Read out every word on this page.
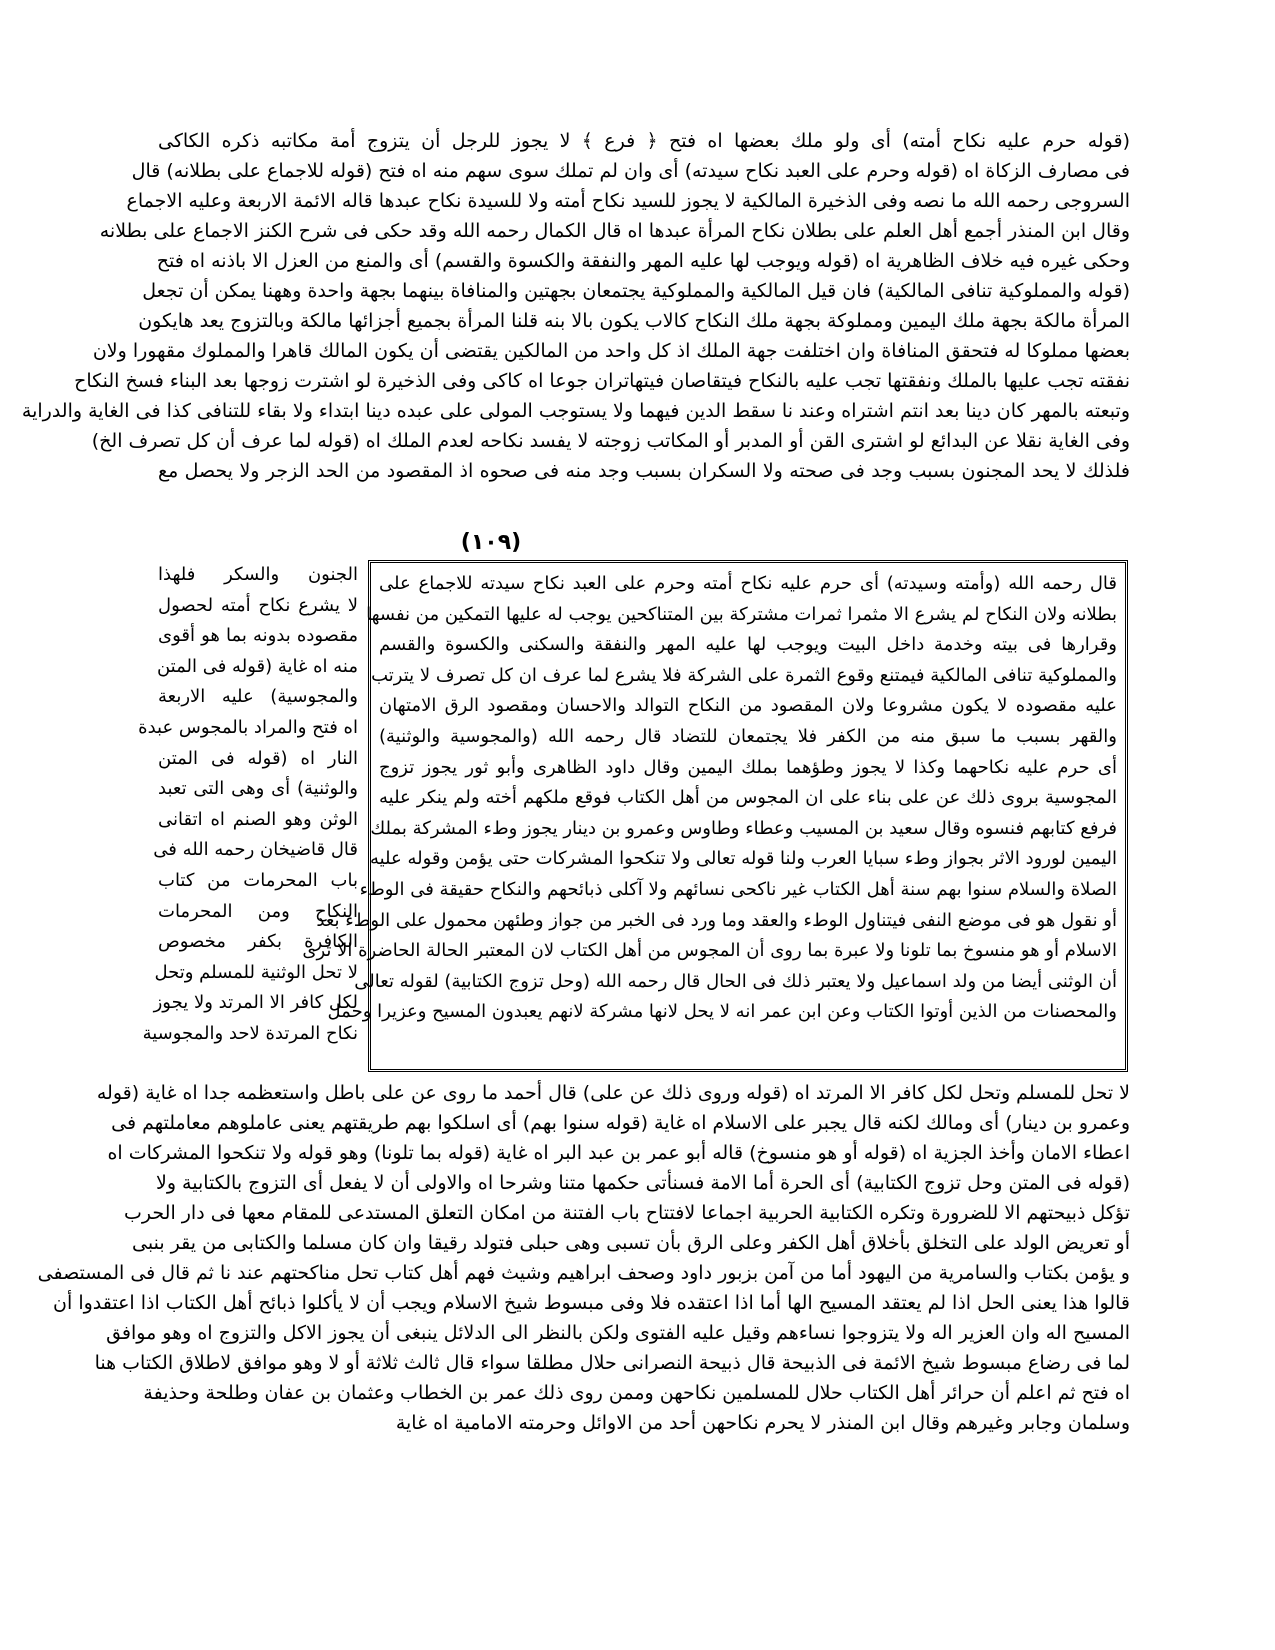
(قوله حرم عليه نكاح أمته) أى ولو ملك بعضها اه فتح ﴿ فرع ﴾ لا يجوز للرجل أن يتزوج أمة مكاتبه ذكره الكاكى
فى مصارف الزكاة اه (قوله وحرم على العبد نكاح سيدته) أى وان لم تملك سوى سهم منه اه فتح (قوله للاجماع على بطلانه) قال
السروجى رحمه الله ما نصه وفى الذخيرة المالكية لا يجوز للسيد نكاح أمته ولا للسيدة نكاح عبدها قاله الائمة الاربعة وعليه الاجماع
وقال ابن المنذر أجمع أهل العلم على بطلان نكاح المرأة عبدها اه قال الكمال رحمه الله وقد حكى فى شرح الكنز الاجماع على بطلانه
وحكى غيره فيه خلاف الظاهرية اه (قوله ويوجب لها عليه المهر والنفقة والكسوة والقسم) أى والمنع من العزل الا باذنه اه فتح
(قوله والمملوكية تنافى المالكية) فان قيل المالكية والمملوكية يجتمعان بجهتين والمنافاة بينهما بجهة واحدة وههنا يمكن أن تجعل
المرأة مالكة بجهة ملك اليمين ومملوكة بجهة ملك النكاح كالاب يكون بالا بنه قلنا المرأة بجميع أجزائها مالكة وبالتزوج يعد هايكون
بعضها مملوكا له فتحقق المنافاة وان اختلفت جهة الملك اذ كل واحد من المالكين يقتضى أن يكون المالك قاهرا والمملوك مقهورا ولان
نفقته تجب عليها بالملك ونفقتها تجب عليه بالنكاح فيتقاصان فيتهاتران جوعا اه كاكى وفى الذخيرة لو اشترت زوجها بعد البناء فسخ النكاح
وتبعته بالمهر كان دينا بعد انتم اشتراه وعند نا سقط الدين فيهما ولا يستوجب المولى على عبده دينا ابتداء ولا بقاء للتنافى كذا فى الغاية والدراية
وفى الغاية نقلا عن البدائع لو اشترى القن أو المدبر أو المكاتب زوجته لا يفسد نكاحه لعدم الملك اه (قوله لما عرف أن كل تصرف الخ)
فلذلك لا يحد المجنون بسبب وجد فى صحته ولا السكران بسبب وجد منه فى صحوه اذ المقصود من الحد الزجر ولا يحصل مع
(١٠٩)
قال رحمه الله (وأمته وسيدته) أى حرم عليه نكاح أمته وحرم على العبد نكاح سيدته للاجماع على
بطلانه ولان النكاح لم يشرع الا مثمرا ثمرات مشتركة بين المتناكحين يوجب له عليها التمكين من نفسها
وقرارها فى بيته وخدمة داخل البيت ويوجب لها عليه المهر والنفقة والسكنى والكسوة والقسم
والمملوكية تنافى المالكية فيمتنع وقوع الثمرة على الشركة فلا يشرع لما عرف ان كل تصرف لا يترتب
عليه مقصوده لا يكون مشروعا ولان المقصود من النكاح التوالد والاحسان ومقصود الرق الامتهان
والقهر بسبب ما سبق منه من الكفر فلا يجتمعان للتضاد قال رحمه الله (والمجوسية والوثنية)
أى حرم عليه نكاحهما وكذا لا يجوز وطؤهما بملك اليمين وقال داود الظاهرى وأبو ثور يجوز تزوج
المجوسية بروى ذلك عن على بناء على ان المجوس من أهل الكتاب فوقع ملكهم أخته ولم ينكر عليه
فرفع كتابهم فنسوه وقال سعيد بن المسيب وعطاء وطاوس وعمرو بن دينار يجوز وطء المشركة بملك
اليمين لورود الاثر بجواز وطء سبايا العرب ولنا قوله تعالى ولا تنكحوا المشركات حتى يؤمن وقوله عليه
الصلاة والسلام سنوا بهم سنة أهل الكتاب غير ناكحى نسائهم ولا آكلى ذبائحهم والنكاح حقيقة فى الوطء
أو نقول هو فى موضع النفى فيتناول الوطء والعقد وما ورد فى الخبر من جواز وطئهن محمول على الوطء بعد
الاسلام أو هو منسوخ بما تلونا ولا عبرة بما روى أن المجوس من أهل الكتاب لان المعتبر الحالة الحاضرة الا ترى
أن الوثنى أيضا من ولد اسماعيل ولا يعتبر ذلك فى الحال قال رحمه الله (وحل تزوج الكتابية) لقوله تعالى
والمحصنات من الذين أوتوا الكتاب وعن ابن عمر انه لا يحل لانها مشركة لانهم يعبدون المسيح وعزيرا وحمل
الجنون والسكر فلهذا
لا يشرع نكاح أمته لحصول
مقصوده بدونه بما هو أقوى
منه اه غاية (قوله فى المتن
والمجوسية) عليه الاربعة
اه فتح والمراد بالمجوس عبدة
النار اه (قوله فى المتن
والوثنية) أى وهى التى تعبد
الوثن وهو الصنم اه اتقانى
قال قاضيخان رحمه الله فى
باب المحرمات من كتاب
النكاح ومن المحرمات
الكافرة بكفر مخصوص
لا تحل الوثنية للمسلم وتحل
لكل كافر الا المرتد ولا يجوز
نكاح المرتدة لاحد والمجوسية
لا تحل للمسلم وتحل لكل كافر الا المرتد اه (قوله وروى ذلك عن على) قال أحمد ما روى عن على باطل واستعظمه جدا اه غاية (قوله
وعمرو بن دينار) أى ومالك لكنه قال يجبر على الاسلام اه غاية (قوله سنوا بهم) أى اسلكوا بهم طريقتهم يعنى عاملوهم معاملتهم فى
اعطاء الامان وأخذ الجزية اه (قوله أو هو منسوخ) قاله أبو عمر بن عبد البر اه غاية (قوله بما تلونا) وهو قوله ولا تنكحوا المشركات اه
(قوله فى المتن وحل تزوج الكتابية) أى الحرة أما الامة فسنأتى حكمها متنا وشرحا اه والاولى أن لا يفعل أى التزوج بالكتابية ولا
تؤكل ذبيحتهم الا للضرورة وتكره الكتابية الحربية اجماعا لافتتاح باب الفتنة من امكان التعلق المستدعى للمقام معها فى دار الحرب
أو تعريض الولد على التخلق بأخلاق أهل الكفر وعلى الرق بأن تسبى وهى حبلى فتولد رقيقا وان كان مسلما والكتابى من يقر بنبى
و يؤمن بكتاب والسامرية من اليهود أما من آمن بزبور داود وصحف ابراهيم وشيث فهم أهل كتاب تحل مناكحتهم عند نا ثم قال فى المستصفى
قالوا هذا يعنى الحل اذا لم يعتقد المسيح الها أما اذا اعتقده فلا وفى مبسوط شيخ الاسلام ويجب أن لا يأكلوا ذبائح أهل الكتاب اذا اعتقدوا أن
المسيح اله وان العزير اله ولا يتزوجوا نساءهم وقيل عليه الفتوى ولكن بالنظر الى الدلائل ينبغى أن يجوز الاكل والتزوج اه وهو موافق
لما فى رضاع مبسوط شيخ الائمة فى الذبيحة قال ذبيحة النصرانى حلال مطلقا سواء قال ثالث ثلاثة أو لا وهو موافق لاطلاق الكتاب هنا
اه فتح ثم اعلم أن حرائر أهل الكتاب حلال للمسلمين نكاحهن وممن روى ذلك عمر بن الخطاب وعثمان بن عفان وطلحة وحذيفة
وسلمان وجابر وغيرهم وقال ابن المنذر لا يحرم نكاحهن أحد من الاوائل وحرمته الامامية اه غاية
